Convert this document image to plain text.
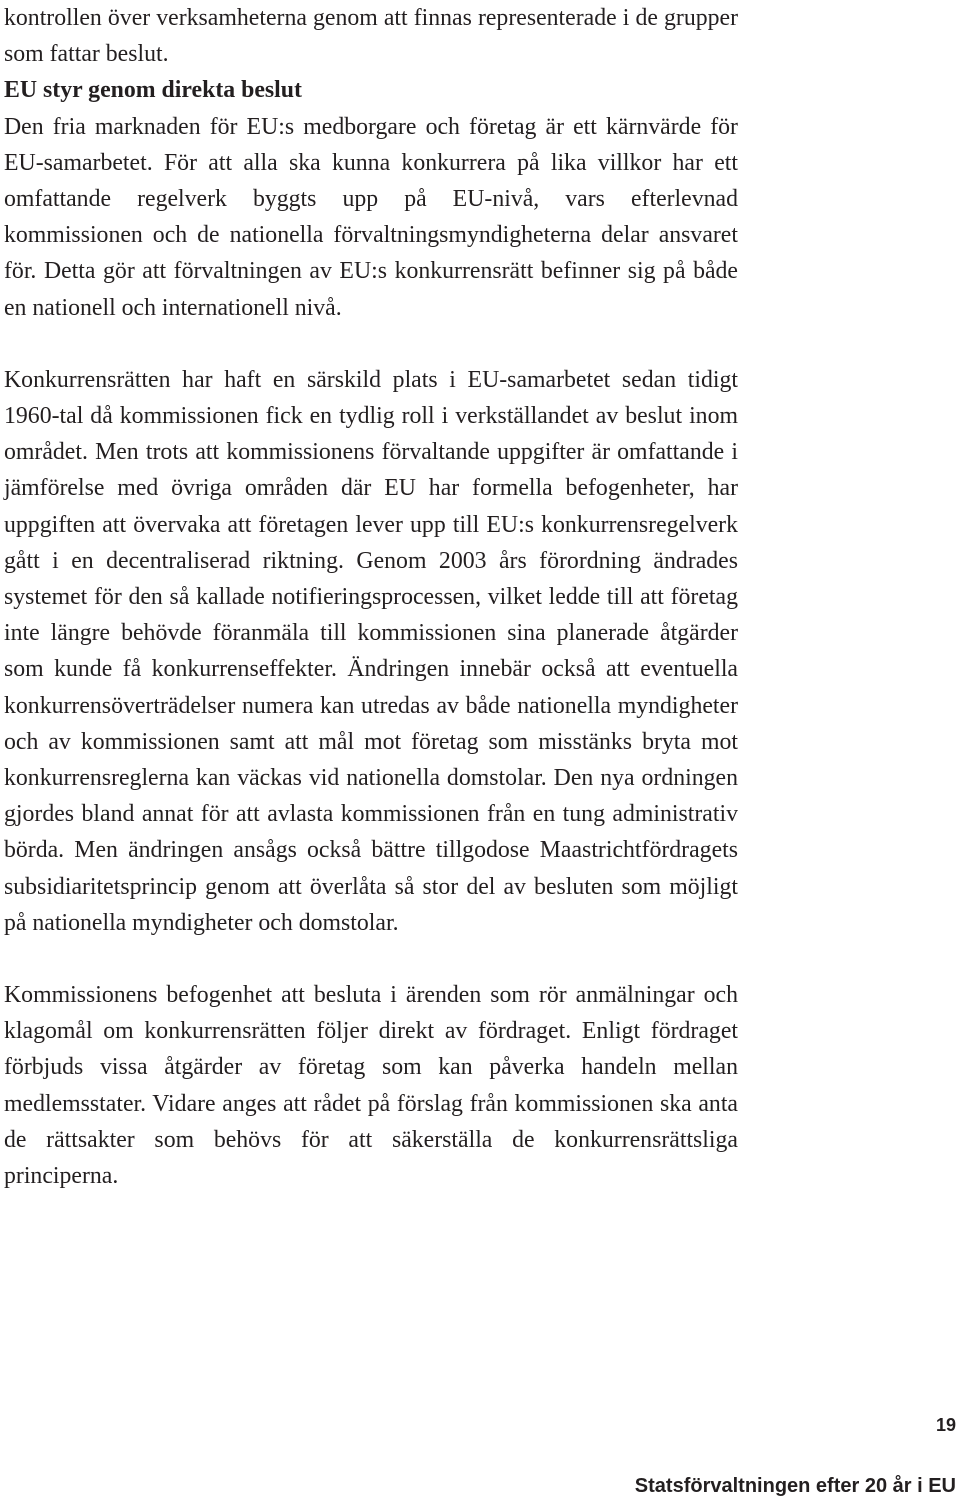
kontrollen över verksamheterna genom att finnas representerade i de grupper som fattar beslut.

EU styr genom direkta beslut

Den fria marknaden för EU:s medborgare och företag är ett kärnvärde för EU-samarbetet. För att alla ska kunna konkurrera på lika villkor har ett omfattande regelverk byggts upp på EU-nivå, vars efterlevnad kommissionen och de nationella förvaltningsmyndigheterna delar ansvaret för. Detta gör att förvaltningen av EU:s konkurrensrätt befinner sig på både en nationell och internationell nivå.

Konkurrensrätten har haft en särskild plats i EU-samarbetet sedan tidigt 1960-tal då kommissionen fick en tydlig roll i verkställandet av beslut inom området. Men trots att kommissionens förvaltande uppgifter är omfattande i jämförelse med övriga områden där EU har formella befogenheter, har uppgiften att övervaka att företagen lever upp till EU:s konkurrensregelverk gått i en decentraliserad riktning. Genom 2003 års förordning ändrades systemet för den så kallade notifieringsprocessen, vilket ledde till att företag inte längre behövde föranmäla till kommissionen sina planerade åtgärder som kunde få konkurrenseffekter. Ändringen innebär också att eventuella konkurrensöverträdelser numera kan utredas av både nationella myndigheter och av kommissionen samt att mål mot företag som misstänks bryta mot konkurrensreglerna kan väckas vid nationella domstolar. Den nya ordningen gjordes bland annat för att avlasta kommissionen från en tung administrativ börda. Men ändringen ansågs också bättre tillgodose Maastrichtfördragets subsidiaritetsprincip genom att överlåta så stor del av besluten som möjligt på nationella myndigheter och domstolar.

Kommissionens befogenhet att besluta i ärenden som rör anmälningar och klagomål om konkurrensrätten följer direkt av fördraget. Enligt fördraget förbjuds vissa åtgärder av företag som kan påverka handeln mellan medlemsstater. Vidare anges att rådet på förslag från kommissionen ska anta de rättsakter som behövs för att säkerställa de konkurrensrättsliga principerna.

19
Statsförvaltningen efter 20 år i EU
